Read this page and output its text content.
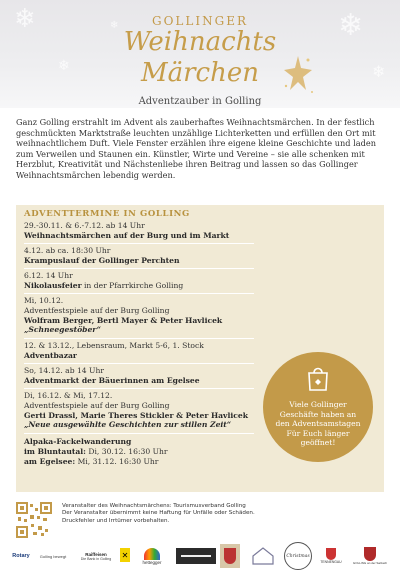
❄
❄
❄
❄
❄	GOLLINGER
Weihnachts
Märchen
Adventzauber in Golling
Ganz Golling erstrahlt im Advent als zauberhaftes Weihnachtsmärchen. In der festlich geschmückten Marktstraße leuchten unzählige Lichterketten und erfüllen den Ort mit weihnachtlichem Duft. Viele Fenster erzählen ihre eigene kleine Geschichte und laden zum Verweilen und Staunen ein. Künstler, Wirte und Vereine – sie alle schenken mit Herzblut, Kreativität und Nächstenliebe ihren Beitrag und lassen so das Gollinger Weihnachtsmärchen lebendig werden.
ADVENTTERMINE IN GOLLING
29.-30.11. & 6.-7.12. ab 14 Uhr
Weihnachtsmärchen auf der Burg und im Markt
4.12. ab ca. 18:30 Uhr
Krampuslauf der Gollinger Perchten
6.12. 14 Uhr
Nikolausfeier in der Pfarrkirche Golling
Mi, 10.12.
Adventfestspiele auf der Burg Golling
Wolfram Berger, Bertl Mayer & Peter Havlicek
„Schneegestöber“
12. & 13.12., Lebensraum, Markt 5-6, 1. Stock
Adventbazar
So, 14.12. ab 14 Uhr
Adventmarkt der Bäuerinnen am Egelsee
Di, 16.12. & Mi, 17.12.
Adventfestspiele auf der Burg Golling
Gerti Drassl, Marie Theres Stickler & Peter Havlicek
„Neue ausgewählte Geschichten zur stillen Zeit“
Alpaka-Fackelwanderung
im Bluntautal: Di, 30.12. 16:30 Uhr
am Egelsee: Mi, 31.12. 16:30 Uhr
Viele Gollinger
Geschäfte haben an
den Adventsamstagen
Für Euch länger
geöffnet!
Veranstalter des Weihnachtsmärchens: Tourismusverband Golling
Der Veranstalter übernimmt keine Haftung für Unfälle oder Schäden.
Druckfehler und Irrtümer vorbehalten.
Rotary	Golling bewegt	Raiffeisen
Die Bank in Golling ✕
hettegger
Christmas
TENNENGAU	GOLLING an der Salzach
